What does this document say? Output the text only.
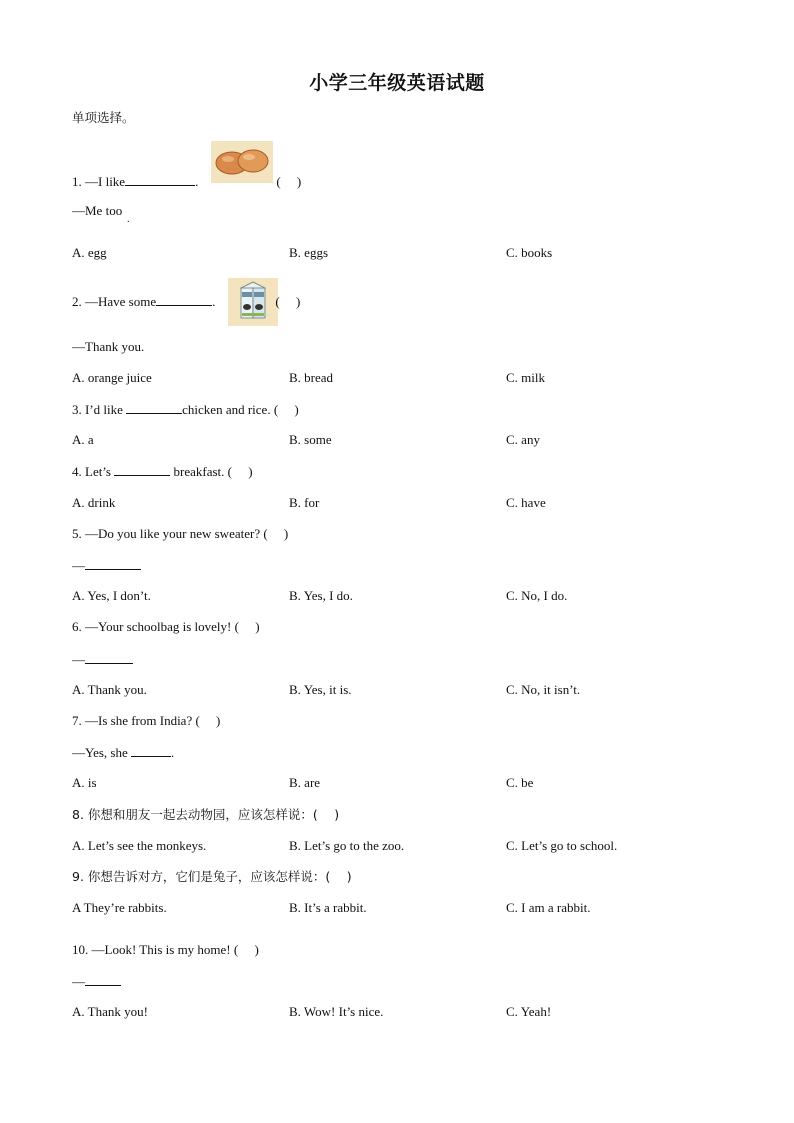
小学三年级英语试题
单项选择。
1. —I like	.	(　 )
—Me too
.
A. egg	B. eggs	C. books
2. —Have some	.	(　 )
—Thank you.
A. orange juice	B. bread	C. milk
3. I’d like	chicken and rice. (　 )
A. a	B. some	C. any
4. Let’s	breakfast. (　 )
A. drink	B. for	C. have
5. —Do you like your new sweater? (　 )
—
A. Yes, I don’t.	B. Yes, I do.	C. No, I do.
6. —Your schoolbag is lovely! (　 )
—
A. Thank you.	B. Yes, it is.	C. No, it isn’t.
7. —Is she from India? (　 )
—Yes, she	.
A. is	B. are	C. be
8. 你想和朋友一起去动物园，应该怎样说：(　 )
A. Let’s see the monkeys.	B. Let’s go to the zoo.	C. Let’s go to school.
9. 你想告诉对方，它们是兔子，应该怎样说：(　 )
A They’re rabbits.	B. It’s a rabbit.	C. I am a rabbit.
10. —Look! This is my home! (　 )
—
A. Thank you!	B. Wow! It’s nice.	C. Yeah!
